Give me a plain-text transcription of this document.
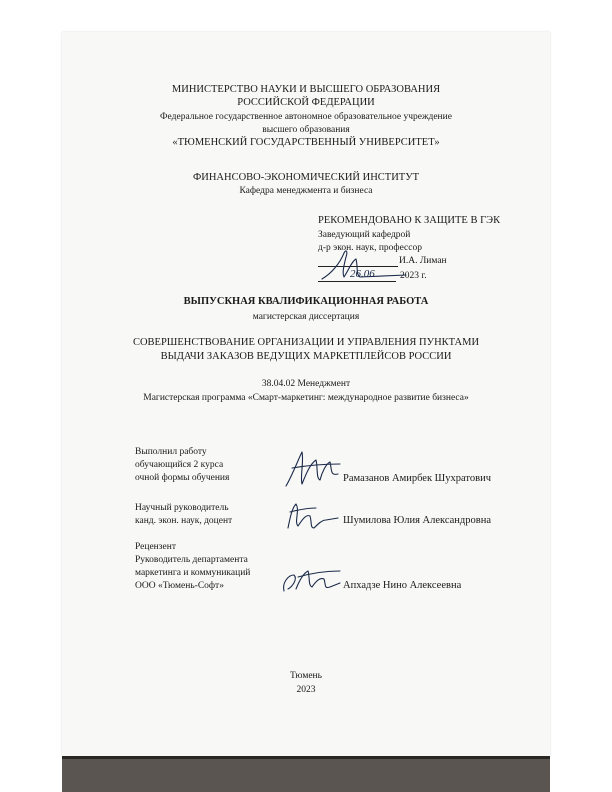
МИНИСТЕРСТВО НАУКИ И ВЫСШЕГО ОБРАЗОВАНИЯ
РОССИЙСКОЙ ФЕДЕРАЦИИ
Федеральное государственное автономное образовательное учреждение
высшего образования
«ТЮМЕНСКИЙ ГОСУДАРСТВЕННЫЙ УНИВЕРСИТЕТ»
ФИНАНСОВО-ЭКОНОМИЧЕСКИЙ ИНСТИТУТ
Кафедра менеджмента и бизнеса
РЕКОМЕНДОВАНО К ЗАЩИТЕ В ГЭК
Заведующий кафедрой
д-р экон. наук, профессор
И.А. Лиман
2023 г.
26.06
ВЫПУСКНАЯ КВАЛИФИКАЦИОННАЯ РАБОТА
магистерская диссертация
СОВЕРШЕНСТВОВАНИЕ ОРГАНИЗАЦИИ И УПРАВЛЕНИЯ ПУНКТАМИ
ВЫДАЧИ ЗАКАЗОВ ВЕДУЩИХ МАРКЕТПЛЕЙСОВ РОССИИ
38.04.02 Менеджмент
Магистерская программа «Смарт-маркетинг: международное развитие бизнеса»
Выполнил работу
обучающийся 2 курса
очной формы обучения	Рамазанов Амирбек Шухратович
Научный руководитель
канд. экон. наук, доцент	Шумилова Юлия Александровна
Рецензент
Руководитель департамента
маркетинга и коммуникаций
ООО «Тюмень-Софт»	Апхадзе Нино Алексеевна
Тюмень
2023
